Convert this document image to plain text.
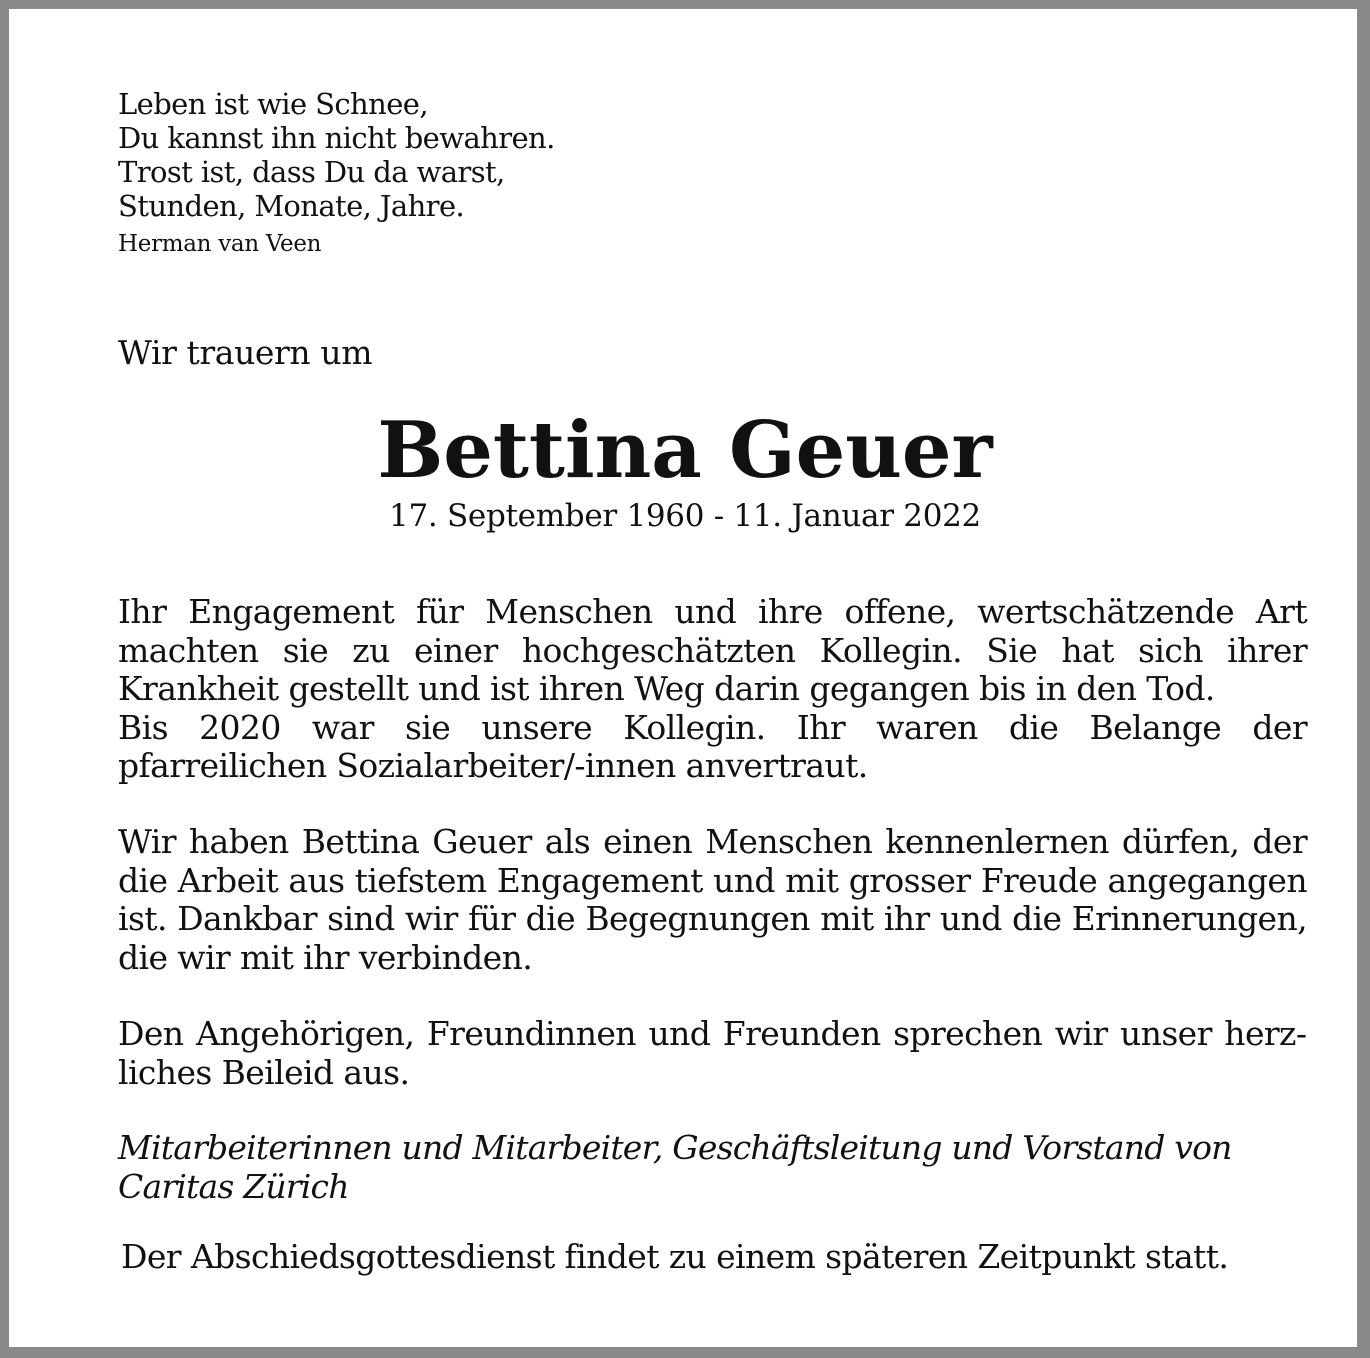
Leben ist wie Schnee,
Du kannst ihn nicht bewahren.
Trost ist, dass Du da warst,
Stunden, Monate, Jahre.
Herman van Veen
Wir trauern um
Bettina Geuer
17. September 1960 - 11. Januar 2022
Ihr Engagement für Menschen und ihre offene, wertschätzende Art machten sie zu einer hochgeschätzten Kollegin. Sie hat sich ihrer Krankheit gestellt und ist ihren Weg darin gegangen bis in den Tod.
Bis 2020 war sie unsere Kollegin. Ihr waren die Belange der pfarreilichen Sozialarbeiter/-innen anvertraut.

Wir haben Bettina Geuer als einen Menschen kennenlernen dürfen, der die Arbeit aus tiefstem Engagement und mit grosser Freude angegangen ist. Dankbar sind wir für die Begegnungen mit ihr und die Erinnerungen, die wir mit ihr verbinden.

Den Angehörigen, Freundinnen und Freunden sprechen wir unser herzliches Beileid aus.

Mitarbeiterinnen und Mitarbeiter, Geschäftsleitung und Vorstand von
Caritas Zürich

Der Abschiedsgottesdienst findet zu einem späteren Zeitpunkt statt.
